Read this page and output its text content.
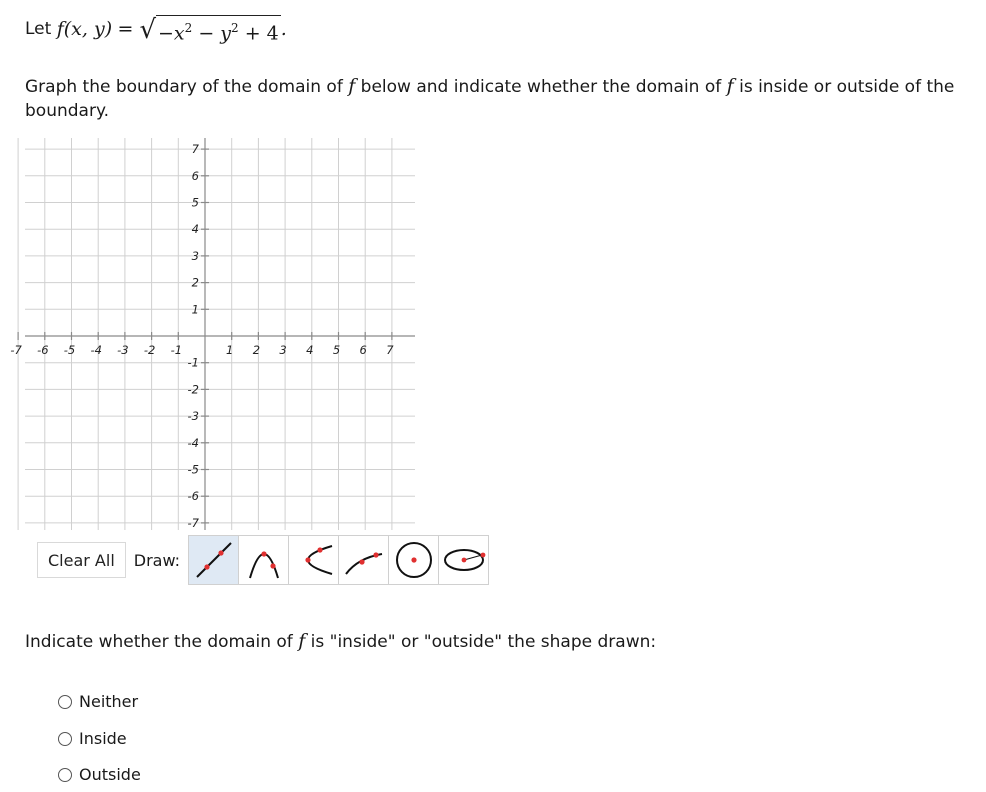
Let
f (x, y)
= √ $-x^2 - y^2 + 4$ .
Graph the boundary of the domain of f below and indicate whether the domain of f is inside or outside of the boundary.
-7 -6 -5 -4 -3 -2 -1	1 2 3 4 5 6 7
7
6
5
4
3
2
1
-1
-2
-3
-4
-5
-6
-7
Clear All	Draw:
Indicate whether the domain of f is "inside" or "outside" the shape drawn:
Neither
Inside
Outside
